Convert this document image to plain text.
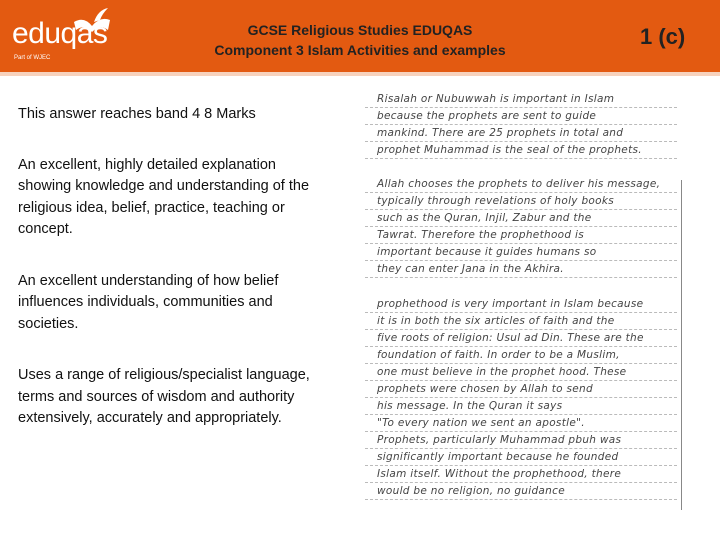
eduqas
Part of WJEC
GCSE Religious Studies EDUQAS
Component 3 Islam Activities and examples
1 (c)
This answer reaches band 4 8 Marks
An excellent, highly detailed explanation showing knowledge and understanding of the religious idea, belief, practice, teaching or concept.
An excellent understanding of how belief influences individuals, communities and societies.
Uses a range of religious/specialist language, terms and sources of wisdom and authority extensively, accurately and appropriately.
Risalah or Nubuwwah is important in Islam
because the prophets are sent to guide
mankind. There are 25 prophets in total and
prophet Muhammad is the seal of the prophets.
Allah chooses the prophets to deliver his message,
typically through revelations of holy books
such as the Quran, Injil, Zabur and the
Tawrat. Therefore the prophethood is
important because it guides humans so
they can enter Jana in the Akhira.
prophethood is very important in Islam because
it is in both the six articles of faith and the
five roots of religion: Usul ad Din. These are the
foundation of faith. In order to be a Muslim,
one must believe in the prophet hood. These
prophets were chosen by Allah to send
his message. In the Quran it says
"To every nation we sent an apostle".
Prophets, particularly Muhammad pbuh was
significantly important because he founded
Islam itself. Without the prophethood, there
would be no religion, no guidance
